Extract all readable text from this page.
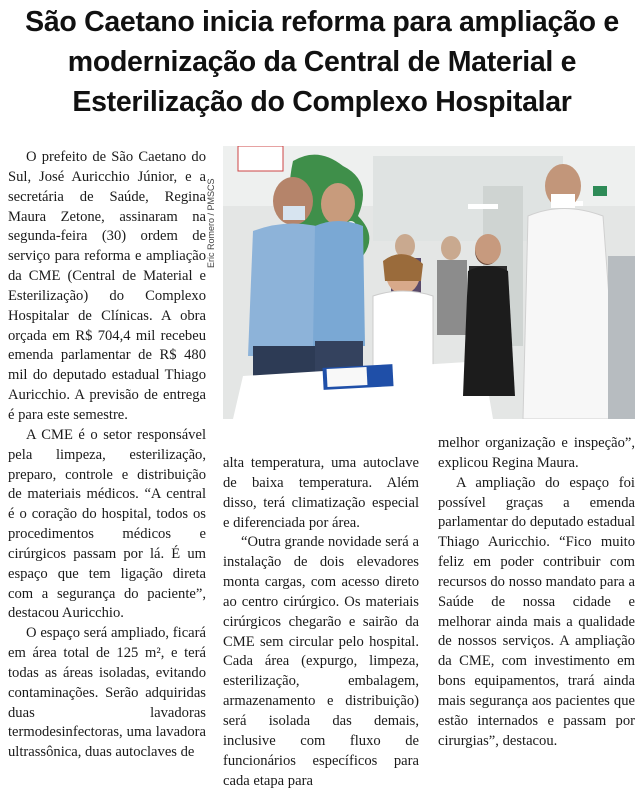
São Caetano inicia reforma para ampliação e modernização da Central de Material e Esterilização do Complexo Hospitalar

O prefeito de São Caetano do Sul, José Auricchio Júnior, e a secretária de Saúde, Regina Maura Zetone, assinaram na segunda-feira (30) ordem de serviço para reforma e ampliação da CME (Central de Material e Esterilização) do Complexo Hospitalar de Clínicas. A obra orçada em R$ 704,4 mil recebeu emenda parlamentar de R$ 480 mil do deputado estadual Thiago Auricchio. A previsão de entrega é para este semestre.

A CME é o setor responsável pela limpeza, esterilização, preparo, controle e distribuição de materiais médicos. “A central é o coração do hospital, todos os procedimentos médicos e cirúrgicos passam por lá. É um espaço que tem ligação direta com a segurança do paciente”, destacou Auricchio.

O espaço será ampliado, ficará em área total de 125 m², e terá todas as áreas isoladas, evitando contaminações. Serão adquiridas duas lavadoras termodesinfectoras, uma lavadora ultrassônica, duas autoclaves de

Eric Romero / PMSCS

alta temperatura, uma autoclave de baixa temperatura. Além disso, terá climatização especial e diferenciada por área.

“Outra grande novidade será a instalação de dois elevadores monta cargas, com acesso direto ao centro cirúrgico. Os materiais cirúrgicos chegarão e sairão da CME sem circular pelo hospital. Cada área (expurgo, limpeza, esterilização, embalagem, armazenamento e distribuição) será isolada das demais, inclusive com fluxo de funcionários específicos para cada etapa para

melhor organização e inspeção”, explicou Regina Maura.

A ampliação do espaço foi possível graças a emenda parlamentar do deputado estadual Thiago Auricchio. “Fico muito feliz em poder contribuir com recursos do nosso mandato para a Saúde de nossa cidade e melhorar ainda mais a qualidade de nossos serviços. A ampliação da CME, com investimento em bons equipamentos, trará ainda mais segurança aos pacientes que estão internados e passam por cirurgias”, destacou.
